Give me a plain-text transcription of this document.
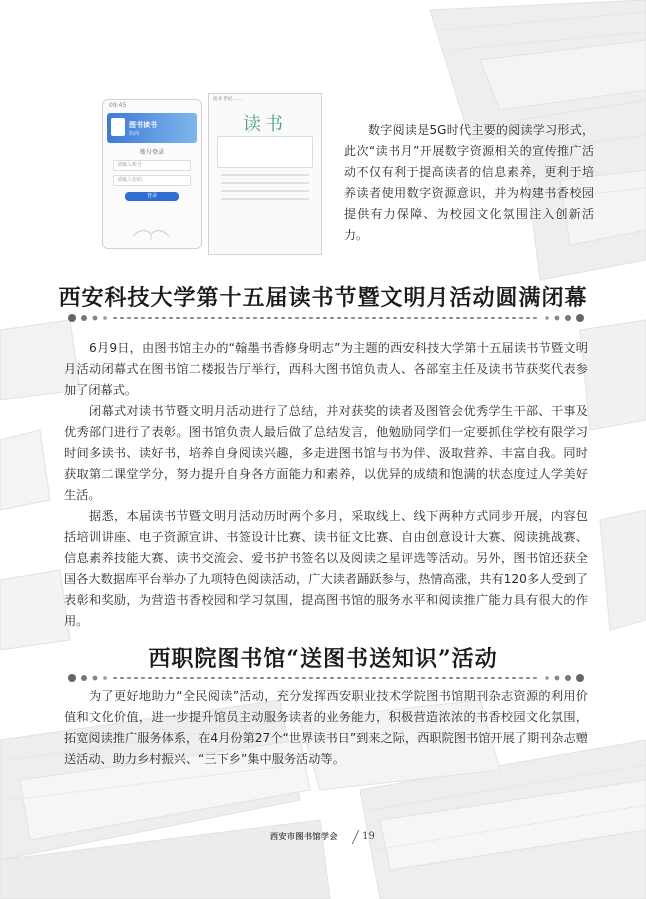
09:45
图书读书
陕西
账号登录
请输入账号
请输入密码
登录
读书 世纪 ……
读书	数字阅读是5G时代主要的阅读学习形式，此次“读书月”开展数字资源相关的宣传推广活动不仅有利于提高读者的信息素养，更利于培养读者使用数字资源意识，并为构建书香校园提供有力保障、为校园文化氛围注入创新活力。

西安科技大学第十五届读书节暨文明月活动圆满闭幕

6月9日，由图书馆主办的“翰墨书香修身明志”为主题的西安科技大学第十五届读书节暨文明月活动闭幕式在图书馆二楼报告厅举行，西科大图书馆负责人、各部室主任及读书节获奖代表参加了闭幕式。

闭幕式对读书节暨文明月活动进行了总结，并对获奖的读者及图管会优秀学生干部、干事及优秀部门进行了表彰。图书馆负责人最后做了总结发言，他勉励同学们一定要抓住学校有限学习时间多读书、读好书，培养自身阅读兴趣，多走进图书馆与书为伴、汲取营养、丰富自我。同时获取第二课堂学分，努力提升自身各方面能力和素养，以优异的成绩和饱满的状态度过人学美好生活。

据悉，本届读书节暨文明月活动历时两个多月，采取线上、线下两种方式同步开展，内容包括培训讲座、电子资源宣讲、书签设计比赛、读书征文比赛、自由创意设计大赛、阅读挑战赛、信息素养技能大赛、读书交流会、爱书护书签名以及阅读之星评选等活动。另外，图书馆还获全国各大数据库平台举办了九项特色阅读活动，广大读者踊跃参与，热情高涨，共有120多人受到了表彰和奖励，为营造书香校园和学习氛围，提高图书馆的服务水平和阅读推广能力具有很大的作用。

西职院图书馆“送图书送知识”活动

为了更好地助力“全民阅读”活动，充分发挥西安职业技术学院图书馆期刊杂志资源的利用价值和文化价值，进一步提升馆员主动服务读者的业务能力，积极营造浓浓的书香校园文化氛围，拓宽阅读推广服务体系，在4月份第27个“世界读书日”到来之际，西职院图书馆开展了期刊杂志赠送活动、助力乡村振兴、“三下乡”集中服务活动等。

西安市图书馆学会 19
